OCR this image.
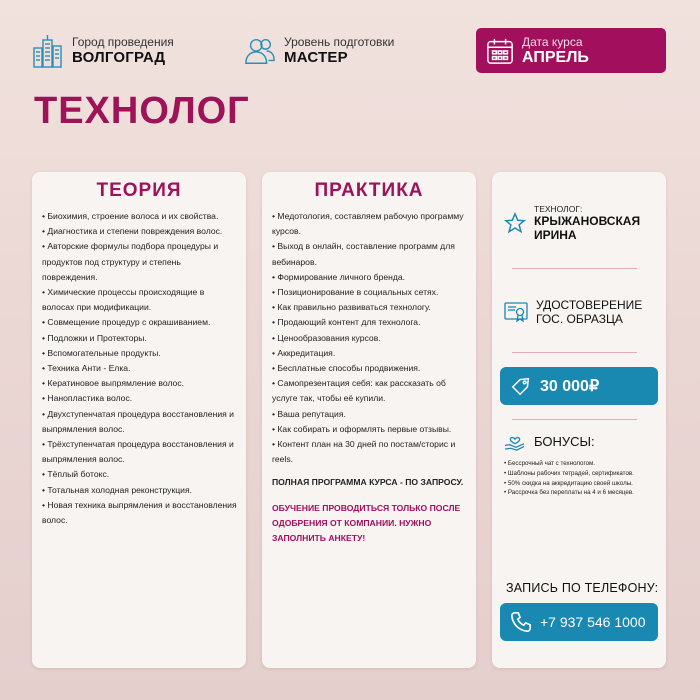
Город проведения
ВОЛГОГРАД
Уровень подготовки
МАСТЕР
Дата курса
АПРЕЛЬ
ТЕХНОЛОГ
ТЕОРИЯ
• Биохимия, строение волоса и их свойства.
• Диагностика и степени повреждения волос.
• Авторские формулы подбора процедуры и продуктов под структуру и степень повреждения.
• Химические процессы происходящие в волосах при модификации.
• Совмещение процедур с окрашиванием.
• Подложки и Протекторы.
• Вспомогательные продукты.
• Техника Анти - Елка.
• Кератиновое выпрямление волос.
• Нанопластика волос.
• Двухступенчатая процедура восстановления и выпрямления волос.
• Трёхступенчатая процедура восстановления и выпрямления волос.
• Тёплый ботокс.
• Тотальная холодная реконструкция.
• Новая техника выпрямления и восстановления волос.
ПРАКТИКА
• Медотология, составляем рабочую программу курсов.
• Выход в онлайн, составление программ для вебинаров.
• Формирование личного бренда.
• Позиционирование в социальных сетях.
• Как правильно развиваться технологу.
• Продающий контент для технолога.
• Ценообразования курсов.
• Аккредитация.
• Бесплатные способы продвижения.
• Самопрезентация себя: как рассказать об услуге так, чтобы её купили.
• Ваша репутация.
• Как собирать и оформлять первые отзывы.
• Контент план на 30 дней по постам/сторис и reels.
ПОЛНАЯ ПРОГРАММА КУРСА - ПО ЗАПРОСУ.
ОБУЧЕНИЕ ПРОВОДИТЬСЯ ТОЛЬКО ПОСЛЕ ОДОБРЕНИЯ ОТ КОМПАНИИ. НУЖНО ЗАПОЛНИТЬ АНКЕТУ!
ТЕХНОЛОГ:
КРЫЖАНОВСКАЯ ИРИНА
УДОСТОВЕРЕНИЕ ГОС. ОБРАЗЦА
30 000₽
БОНУСЫ:
• Бессрочный чат с технологом.
• Шаблоны рабочих тетрадей, сертификатов.
• 50% скидка на аккредитацию своей школы.
• Рассрочка без переплаты на 4 и 6 месяцев.
ЗАПИСЬ ПО ТЕЛЕФОНУ:
+7 937 546 1000
